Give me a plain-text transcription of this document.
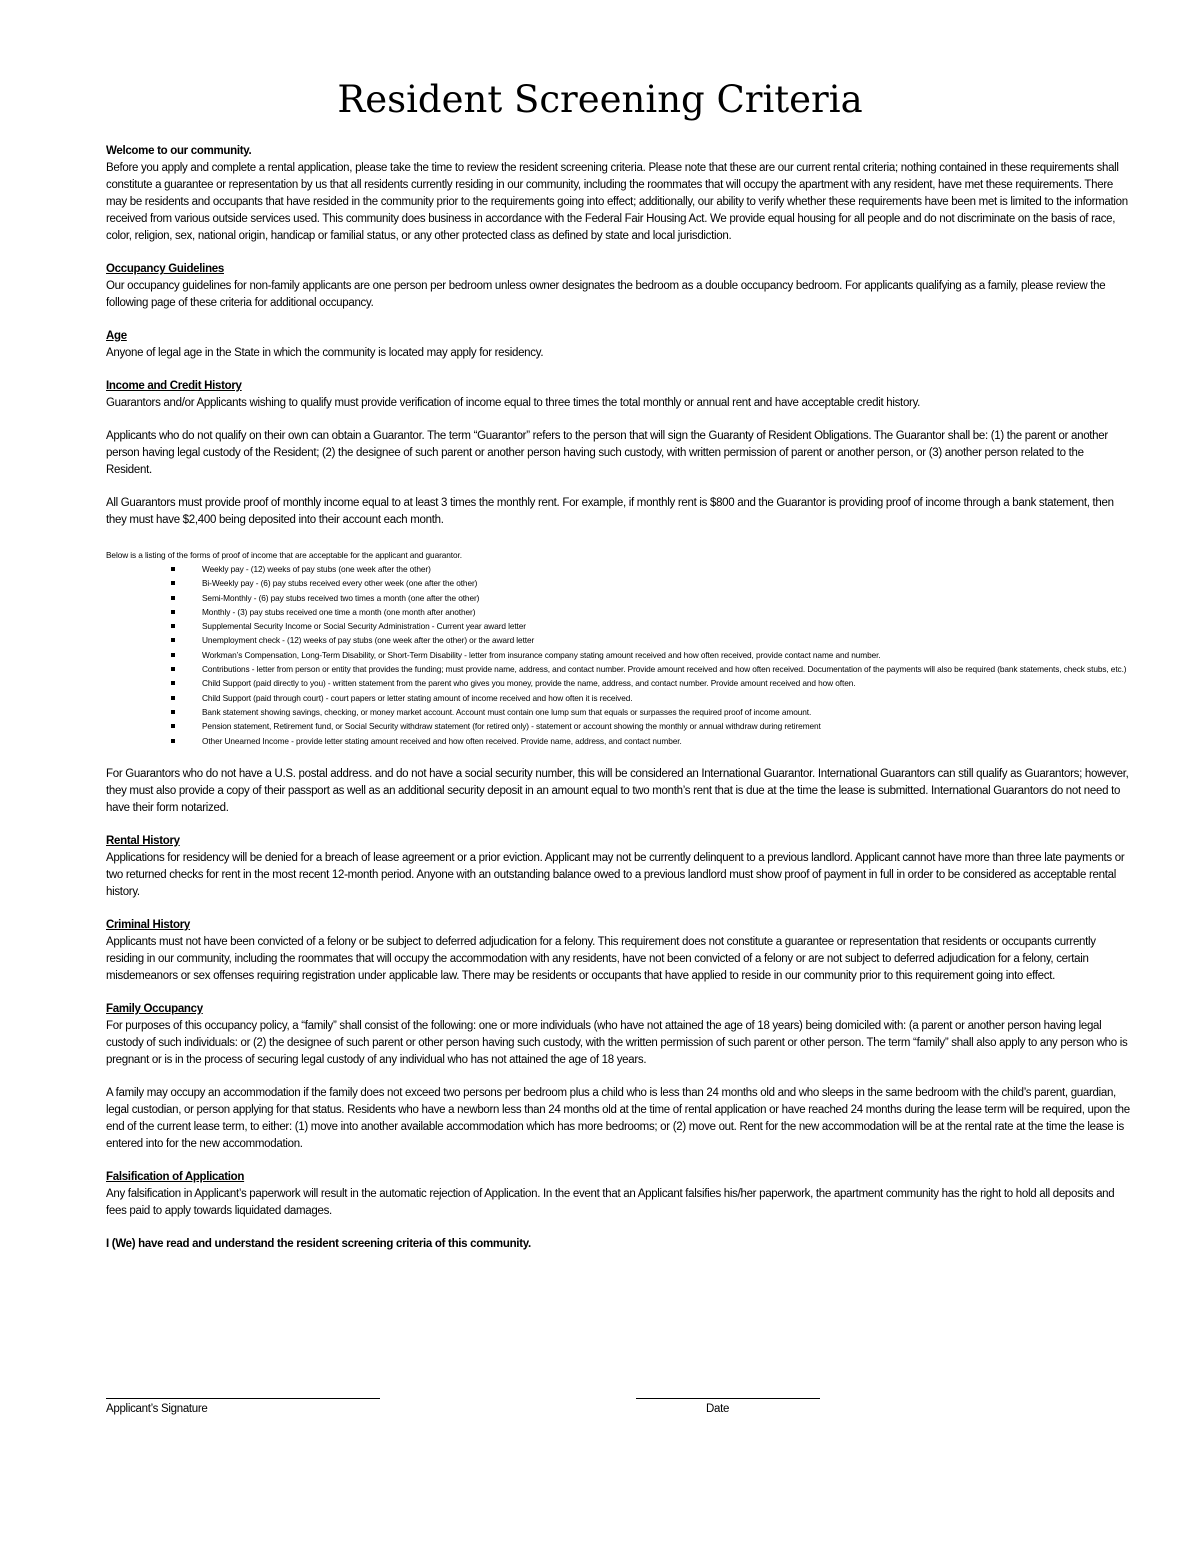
Resident Screening Criteria

Welcome to our community.

Before you apply and complete a rental application, please take the time to review the resident screening criteria. Please note that these are our current rental criteria; nothing contained in these requirements shall constitute a guarantee or representation by us that all residents currently residing in our community, including the roommates that will occupy the apartment with any resident, have met these requirements. There may be residents and occupants that have resided in the community prior to the requirements going into effect; additionally, our ability to verify whether these requirements have been met is limited to the information received from various outside services used. This community does business in accordance with the Federal Fair Housing Act. We provide equal housing for all people and do not discriminate on the basis of race, color, religion, sex, national origin, handicap or familial status, or any other protected class as defined by state and local jurisdiction.

Occupancy Guidelines

Our occupancy guidelines for non-family applicants are one person per bedroom unless owner designates the bedroom as a double occupancy bedroom. For applicants qualifying as a family, please review the following page of these criteria for additional occupancy.

Age

Anyone of legal age in the State in which the community is located may apply for residency.

Income and Credit History

Guarantors and/or Applicants wishing to qualify must provide verification of income equal to three times the total monthly or annual rent and have acceptable credit history.

Applicants who do not qualify on their own can obtain a Guarantor. The term “Guarantor” refers to the person that will sign the Guaranty of Resident Obligations. The Guarantor shall be: (1) the parent or another person having legal custody of the Resident; (2) the designee of such parent or another person having such custody, with written permission of parent or another person, or (3) another person related to the Resident.

All Guarantors must provide proof of monthly income equal to at least 3 times the monthly rent. For example, if monthly rent is $800 and the Guarantor is providing proof of income through a bank statement, then they must have $2,400 being deposited into their account each month.

Below is a listing of the forms of proof of income that are acceptable for the applicant and guarantor.

Weekly pay - (12) weeks of pay stubs (one week after the other)
Bi-Weekly pay - (6) pay stubs received every other week (one after the other)
Semi-Monthly - (6) pay stubs received two times a month (one after the other)
Monthly - (3) pay stubs received one time a month (one month after another)
Supplemental Security Income or Social Security Administration - Current year award letter
Unemployment check - (12) weeks of pay stubs (one week after the other) or the award letter
Workman’s Compensation, Long-Term Disability, or Short-Term Disability - letter from insurance company stating amount received and how often received, provide contact name and number.
Contributions - letter from person or entity that provides the funding; must provide name, address, and contact number. Provide amount received and how often received. Documentation of the payments will also be required (bank statements, check stubs, etc.)
Child Support (paid directly to you) - written statement from the parent who gives you money, provide the name, address, and contact number. Provide amount received and how often.
Child Support (paid through court) - court papers or letter stating amount of income received and how often it is received.
Bank statement showing savings, checking, or money market account. Account must contain one lump sum that equals or surpasses the required proof of income amount.
Pension statement, Retirement fund, or Social Security withdraw statement (for retired only) - statement or account showing the monthly or annual withdraw during retirement
Other Unearned Income - provide letter stating amount received and how often received. Provide name, address, and contact number.

For Guarantors who do not have a U.S. postal address. and do not have a social security number, this will be considered an International Guarantor. International Guarantors can still qualify as Guarantors; however, they must also provide a copy of their passport as well as an additional security deposit in an amount equal to two month’s rent that is due at the time the lease is submitted. International Guarantors do not need to have their form notarized.

Rental History

Applications for residency will be denied for a breach of lease agreement or a prior eviction. Applicant may not be currently delinquent to a previous landlord. Applicant cannot have more than three late payments or two returned checks for rent in the most recent 12-month period. Anyone with an outstanding balance owed to a previous landlord must show proof of payment in full in order to be considered as acceptable rental history.

Criminal History

Applicants must not have been convicted of a felony or be subject to deferred adjudication for a felony. This requirement does not constitute a guarantee or representation that residents or occupants currently residing in our community, including the roommates that will occupy the accommodation with any residents, have not been convicted of a felony or are not subject to deferred adjudication for a felony, certain misdemeanors or sex offenses requiring registration under applicable law. There may be residents or occupants that have applied to reside in our community prior to this requirement going into effect.

Family Occupancy

For purposes of this occupancy policy, a “family” shall consist of the following: one or more individuals (who have not attained the age of 18 years) being domiciled with: (a parent or another person having legal custody of such individuals: or (2) the designee of such parent or other person having such custody, with the written permission of such parent or other person. The term “family” shall also apply to any person who is pregnant or is in the process of securing legal custody of any individual who has not attained the age of 18 years.

A family may occupy an accommodation if the family does not exceed two persons per bedroom plus a child who is less than 24 months old and who sleeps in the same bedroom with the child’s parent, guardian, legal custodian, or person applying for that status. Residents who have a newborn less than 24 months old at the time of rental application or have reached 24 months during the lease term will be required, upon the end of the current lease term, to either: (1) move into another available accommodation which has more bedrooms; or (2) move out. Rent for the new accommodation will be at the rental rate at the time the lease is entered into for the new accommodation.

Falsification of Application

Any falsification in Applicant’s paperwork will result in the automatic rejection of Application. In the event that an Applicant falsifies his/her paperwork, the apartment community has the right to hold all deposits and fees paid to apply towards liquidated damages.

I (We) have read and understand the resident screening criteria of this community.

Applicant’s Signature	Date
